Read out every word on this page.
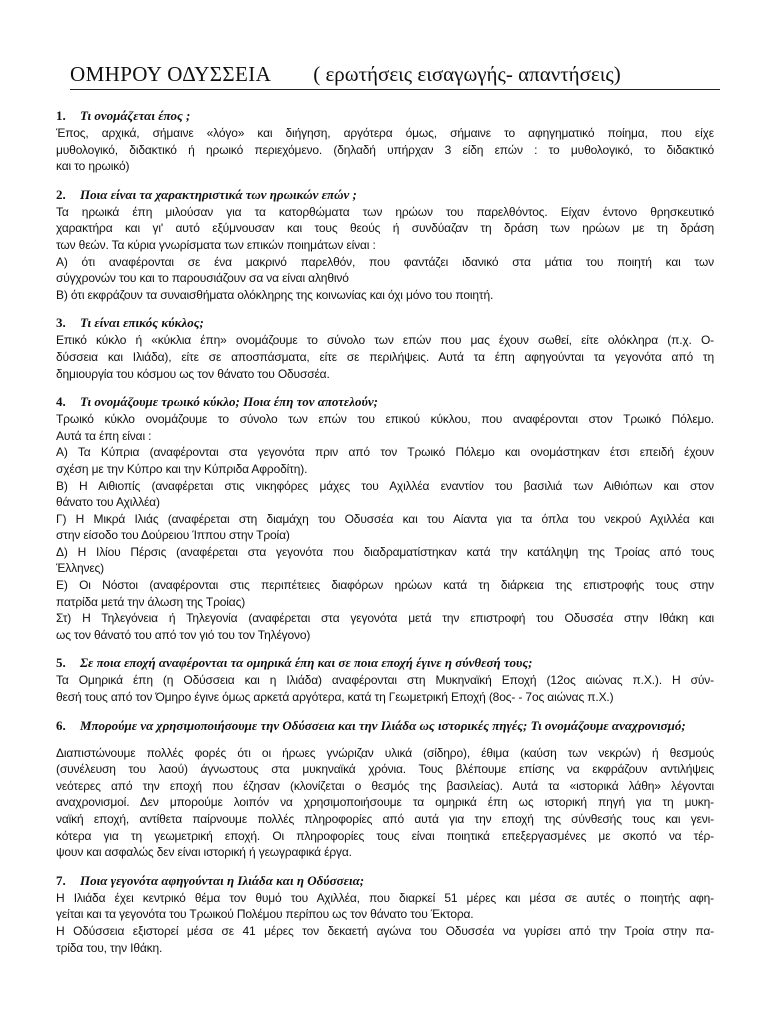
ΟΜΗΡΟΥ ΟΔΥΣΣΕΙΑ ( ερωτήσεις εισαγωγής- απαντήσεις)
1.	Τι ονομάζεται έπος ;
Έπος, αρχικά, σήμαινε «λόγο» και διήγηση, αργότερα όμως, σήμαινε το αφηγηματικό ποίημα, που είχε
μυθολογικό, διδακτικό ή ηρωικό περιεχόμενο. (δηλαδή υπήρχαν 3 είδη επών : το μυθολογικό, το διδακτικό
και το ηρωικό)
2.	Ποια είναι τα χαρακτηριστικά των ηρωικών επών ;
Τα ηρωικά έπη μιλούσαν για τα κατορθώματα των ηρώων του παρελθόντος. Είχαν έντονο θρησκευτικό
χαρακτήρα και γι' αυτό εξύμνουσαν και τους θεούς ή συνδύαζαν τη δράση των ηρώων με τη δράση
των θεών. Τα κύρια γνωρίσματα των επικών ποιημάτων είναι :
Α) ότι αναφέρονται σε ένα μακρινό παρελθόν, που φαντάζει ιδανικό στα μάτια του ποιητή και των
σύγχρονών του και το παρουσιάζουν σα να είναι αληθινό
Β) ότι εκφράζουν τα συναισθήματα ολόκληρης της κοινωνίας και όχι μόνο του ποιητή.
3.	Τι είναι επικός κύκλος;
Επικό κύκλο ή «κύκλια έπη» ονομάζουμε το σύνολο των επών που μας έχουν σωθεί, είτε ολόκληρα (π.χ. Ο-
δύσσεια και Ιλιάδα), είτε σε αποσπάσματα, είτε σε περιλήψεις. Αυτά τα έπη αφηγούνται τα γεγονότα από τη
δημιουργία του κόσμου ως τον θάνατο του Οδυσσέα.
4.	Τι ονομάζουμε τρωικό κύκλο; Ποια έπη τον αποτελούν;
Τρωικό κύκλο ονομάζουμε το σύνολο των επών του επικού κύκλου, που αναφέρονται στον Τρωικό Πόλεμο.
Αυτά τα έπη είναι :
Α) Τα Κύπρια (αναφέρονται στα γεγονότα πριν από τον Τρωικό Πόλεμο και ονομάστηκαν έτσι επειδή έχουν
σχέση με την Κύπρο και την Κύπριδα Αφροδίτη).
Β) Η Αιθιοπίς (αναφέρεται στις νικηφόρες μάχες του Αχιλλέα εναντίον του βασιλιά των Αιθιόπων και στον
θάνατο του Αχιλλέα)
Γ) Η Μικρά Ιλιάς (αναφέρεται στη διαμάχη του Οδυσσέα και του Αίαντα για τα όπλα του νεκρού Αχιλλέα και
στην είσοδο του Δούρειου Ίππου στην Τροία)
Δ) Η Ιλίου Πέρσις (αναφέρεται στα γεγονότα που διαδραματίστηκαν κατά την κατάληψη της Τροίας από τους
Έλληνες)
Ε) Οι Νόστοι (αναφέρονται στις περιπέτειες διαφόρων ηρώων κατά τη διάρκεια της επιστροφής τους στην
πατρίδα μετά την άλωση της Τροίας)
Στ) Η Τηλεγόνεια ή Τηλεγονία (αναφέρεται στα γεγονότα μετά την επιστροφή του Οδυσσέα στην Ιθάκη και
ως τον θάνατό του από τον γιό του τον Τηλέγονο)
5.	Σε ποια εποχή αναφέρονται τα ομηρικά έπη και σε ποια εποχή έγινε η σύνθεσή τους;
Τα Ομηρικά έπη (η Οδύσσεια και η Ιλιάδα) αναφέρονται στη Μυκηναϊκή Εποχή (12ος αιώνας π.Χ.). Η σύν-
θεσή τους από τον Όμηρο έγινε όμως αρκετά αργότερα, κατά τη Γεωμετρική Εποχή (8ος- - 7ος αιώνας π.Χ.)
6.	Μπορούμε να χρησιμοποιήσουμε την Οδύσσεια και την Ιλιάδα ως ιστορικές πηγές; Τι ονομάζουμε αναχρονισμό;
Διαπιστώνουμε πολλές φορές ότι οι ήρωες γνώριζαν υλικά (σίδηρο), έθιμα (καύση των νεκρών) ή θεσμούς
(συνέλευση του λαού) άγνωστους στα μυκηναϊκά χρόνια. Τους βλέπουμε επίσης να εκφράζουν αντιλήψεις
νεότερες από την εποχή που έζησαν (κλονίζεται ο θεσμός της βασιλείας). Αυτά τα «ιστορικά λάθη» λέγονται
αναχρονισμοί. Δεν μπορούμε λοιπόν να χρησιμοποιήσουμε τα ομηρικά έπη ως ιστορική πηγή για τη μυκη-
ναϊκή εποχή, αντίθετα παίρνουμε πολλές πληροφορίες από αυτά για την εποχή της σύνθεσής τους και γενι-
κότερα για τη γεωμετρική εποχή. Οι πληροφορίες τους είναι ποιητικά επεξεργασμένες με σκοπό να τέρ-
ψουν και ασφαλώς δεν είναι ιστορική ή γεωγραφικά έργα.
7.	Ποια γεγονότα αφηγούνται η Ιλιάδα και η Οδύσσεια;
Η Ιλιάδα έχει κεντρικό θέμα τον θυμό του Αχιλλέα, που διαρκεί 51 μέρες και μέσα σε αυτές ο ποιητής αφη-
γείται και τα γεγονότα του Τρωικού Πολέμου περίπου ως τον θάνατο του Έκτορα.
Η Οδύσσεια εξιστορεί μέσα σε 41 μέρες τον δεκαετή αγώνα του Οδυσσέα να γυρίσει από την Τροία στην πα-
τρίδα του, την Ιθάκη.
